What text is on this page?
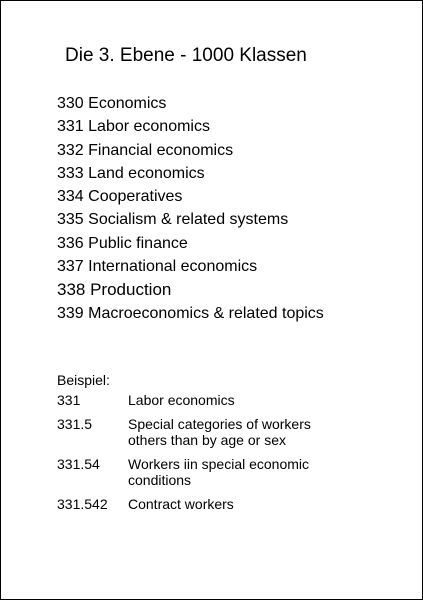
Die 3. Ebene - 1000 Klassen
330 Economics
331 Labor economics
332 Financial economics
333 Land economics
334 Cooperatives
335 Socialism & related systems
336 Public finance
337 International economics
338 Production
339 Macroeconomics & related topics
Beispiel:
331	Labor economics
331.5	Special categories of workers others than by age or sex
331.54	Workers iin special economic conditions
331.542	Contract workers
